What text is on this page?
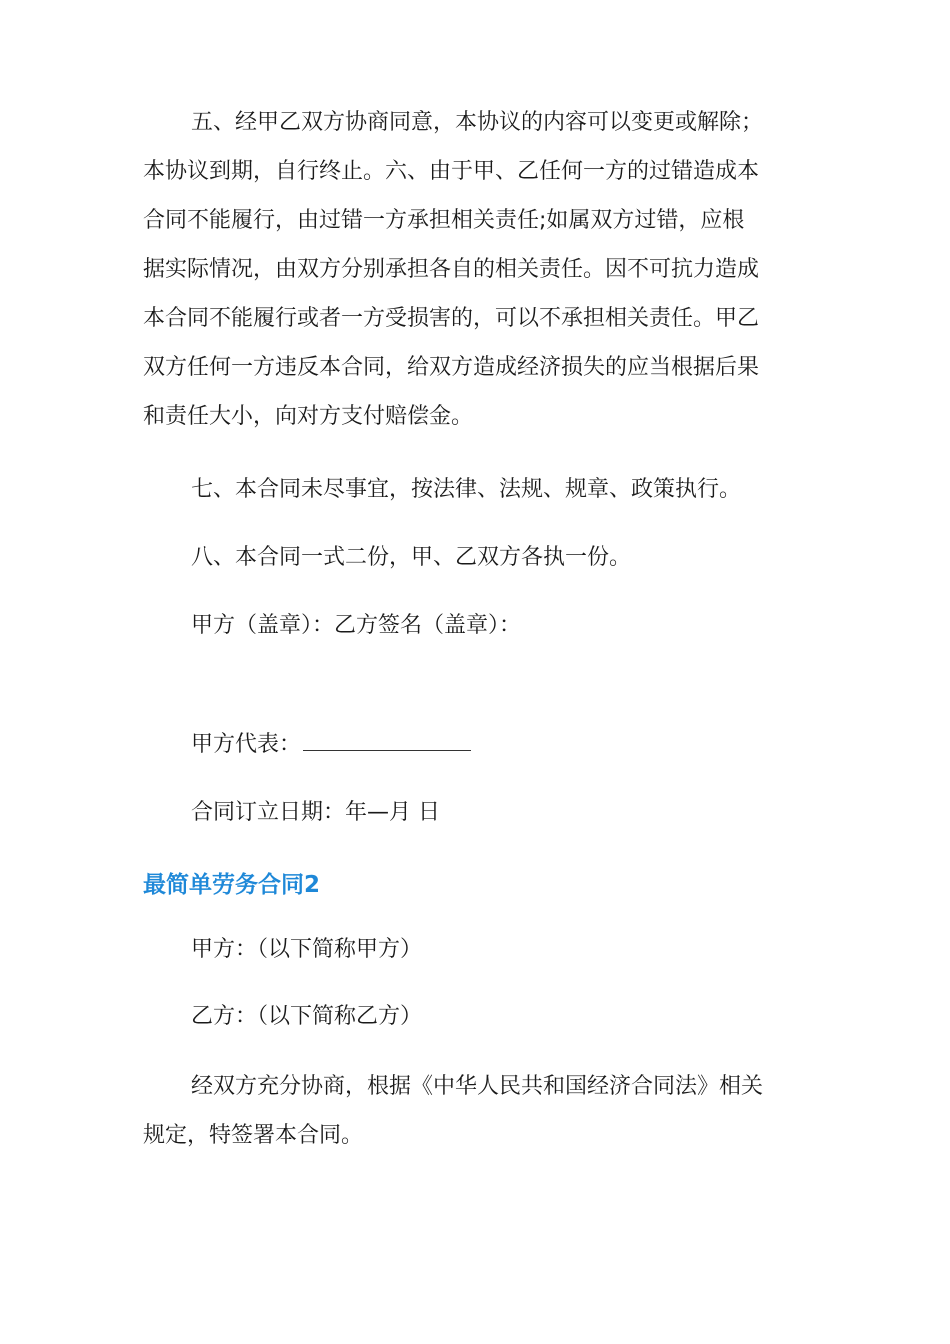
五、经甲乙双方协商同意，本协议的内容可以变更或解除；
本协议到期，自行终止。六、由于甲、乙任何一方的过错造成本
合同不能履行，由过错一方承担相关责任;如属双方过错，应根
据实际情况，由双方分别承担各自的相关责任。因不可抗力造成
本合同不能履行或者一方受损害的，可以不承担相关责任。甲乙
双方任何一方违反本合同，给双方造成经济损失的应当根据后果
和责任大小，向对方支付赔偿金。

七、本合同未尽事宜，按法律、法规、规章、政策执行。

八、本合同一式二份，甲、乙双方各执一份。

甲方（盖章）：乙方签名（盖章）：

甲方代表：

合同订立日期：年—月 日

最简单劳务合同2

甲方：（以下简称甲方）

乙方：（以下简称乙方）

经双方充分协商，根据《中华人民共和国经济合同法》相关
规定，特签署本合同。
